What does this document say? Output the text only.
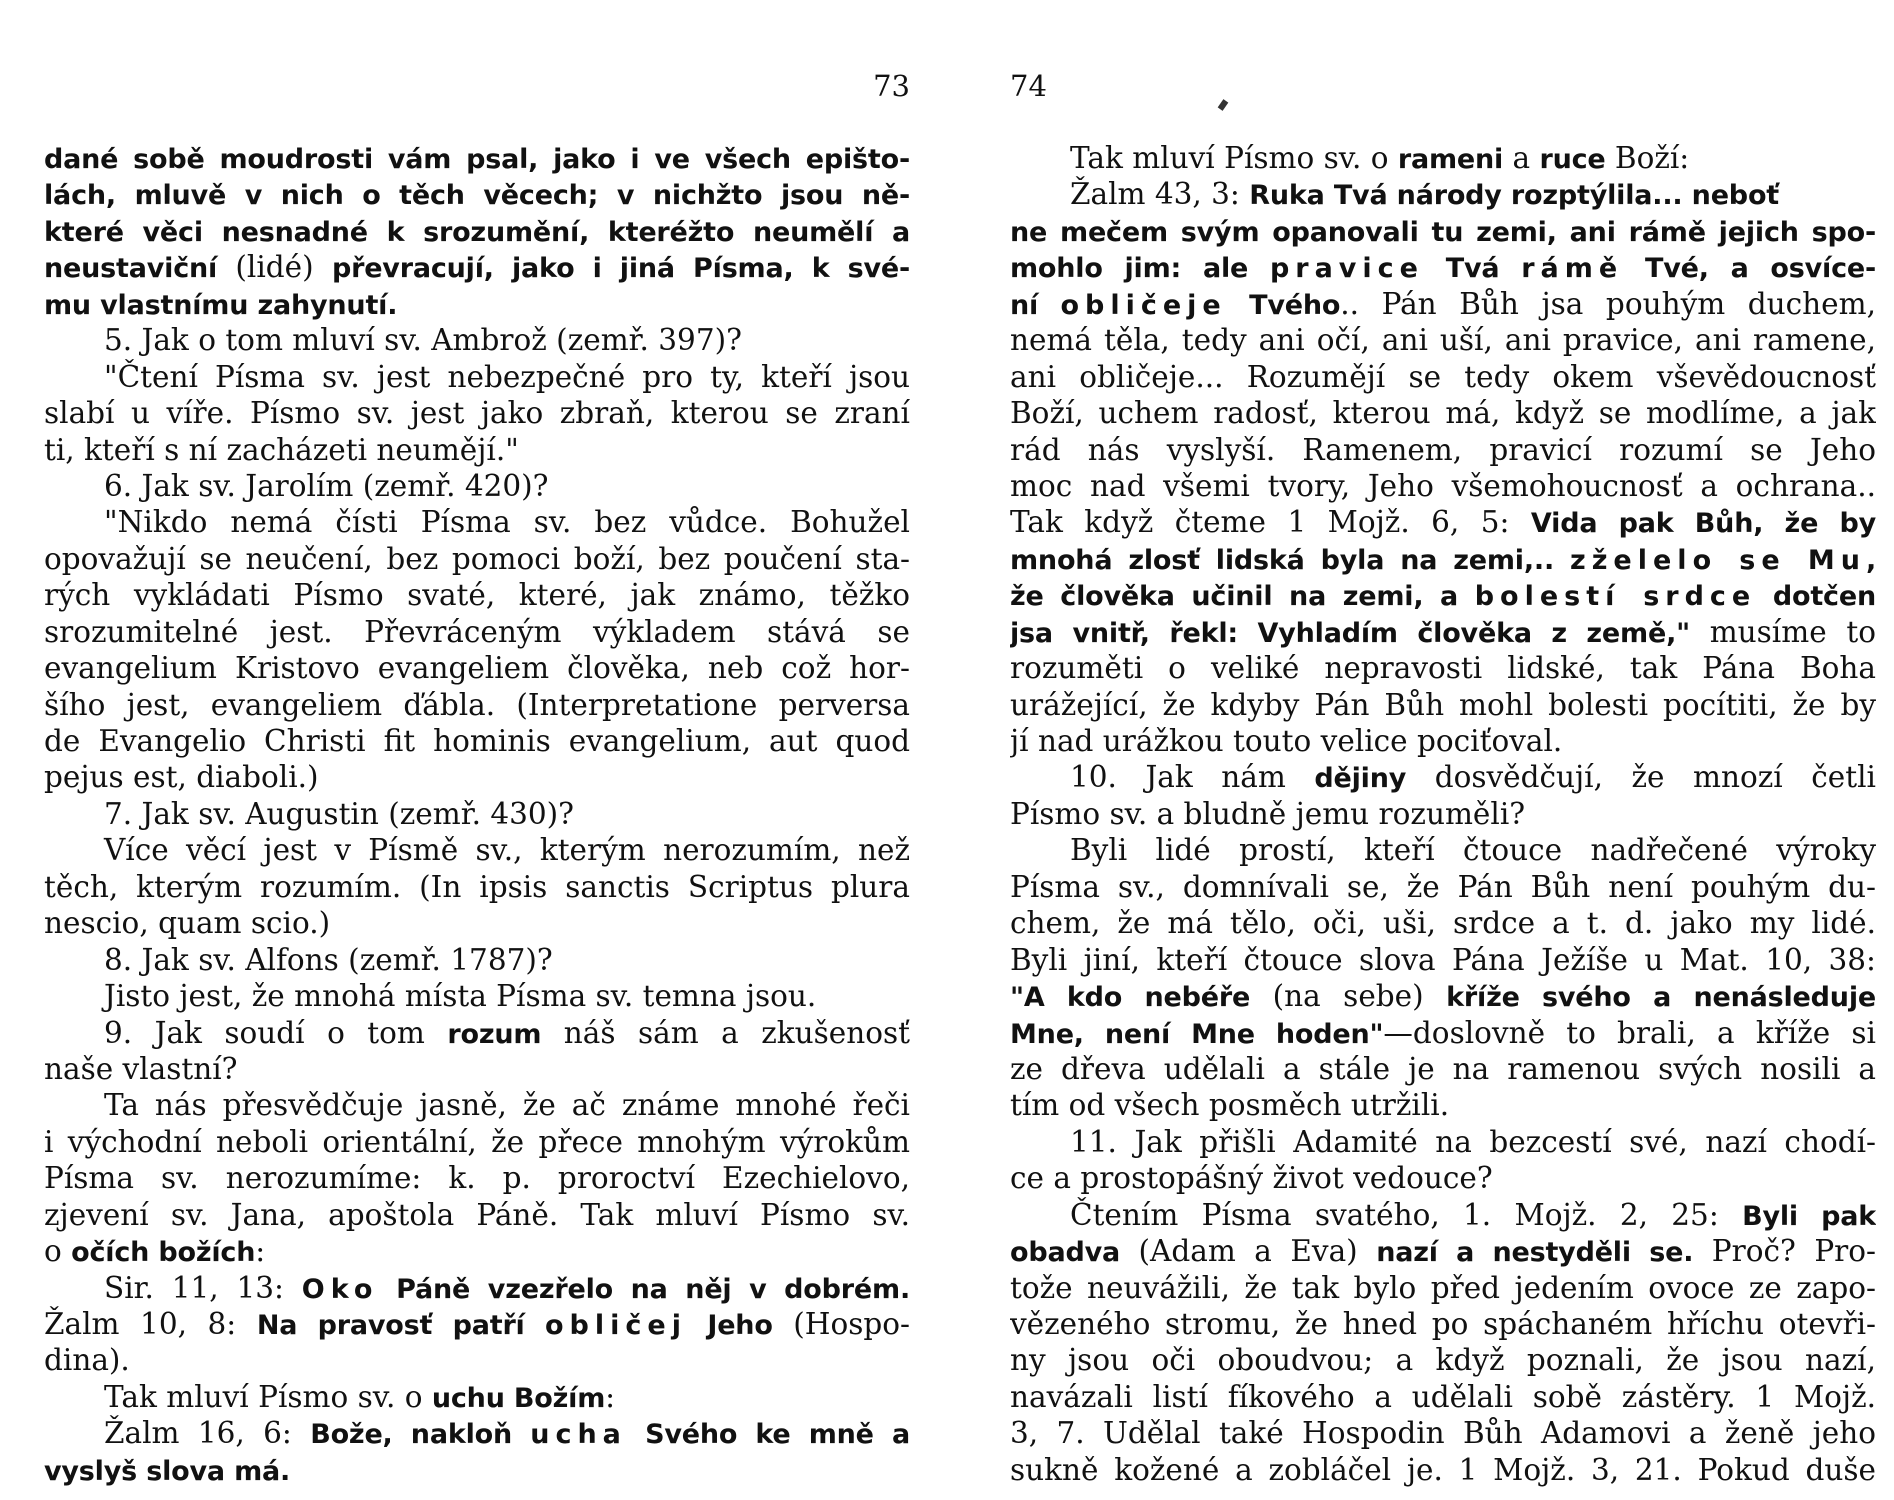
73
dané sobě moudrosti vám psal, jako i ve všech epišto-
lách, mluvě v nich o těch věcech; v nichžto jsou ně-
které věci nesnadné k srozumění, kteréžto neumělí a
neustaviční (lidé) převracují, jako i jiná Písma, k své-
mu vlastnímu zahynutí.
5. Jak o tom mluví sv. Ambrož (zemř. 397)?
"Čtení Písma sv. jest nebezpečné pro ty, kteří jsou
slabí u víře. Písmo sv. jest jako zbraň, kterou se zraní
ti, kteří s ní zacházeti neumějí."
6. Jak sv. Jarolím (zemř. 420)?
"Nikdo nemá čísti Písma sv. bez vůdce. Bohužel
opovažují se neučení, bez pomoci boží, bez poučení sta-
rých vykládati Písmo svaté, které, jak známo, těžko
srozumitelné jest. Převráceným výkladem stává se
evangelium Kristovo evangeliem člověka, neb což hor-
šího jest, evangeliem ďábla. (Interpretatione perversa
de Evangelio Christi fit hominis evangelium, aut quod
pejus est, diaboli.)
7. Jak sv. Augustin (zemř. 430)?
Více věcí jest v Písmě sv., kterým nerozumím, než
těch, kterým rozumím. (In ipsis sanctis Scriptus plura
nescio, quam scio.)
8. Jak sv. Alfons (zemř. 1787)?
Jisto jest, že mnohá místa Písma sv. temna jsou.
9. Jak soudí o tom rozum náš sám a zkušenosť
naše vlastní?
Ta nás přesvědčuje jasně, že ač známe mnohé řeči
i východní neboli orientální, že přece mnohým výrokům
Písma sv. nerozumíme: k. p. proroctví Ezechielovo,
zjevení sv. Jana, apoštola Páně. Tak mluví Písmo sv.
o očích božích:
Sir. 11, 13: Oko Páně vzezřelo na něj v dobrém.
Žalm 10, 8: Na pravosť patří obličej Jeho (Hospo-
dina).
Tak mluví Písmo sv. o uchu Božím:
Žalm 16, 6: Bože, nakloň ucha Svého ke mně a
vyslyš slova má.
74
Tak mluví Písmo sv. o rameni a ruce Boží:
Žalm 43, 3: Ruka Tvá národy rozptýlila... neboť
ne mečem svým opanovali tu zemi, ani rámě jejich spo-
mohlo jim: ale pravice Tvá rámě Tvé, a osvíce-
ní obličeje Tvého.. Pán Bůh jsa pouhým duchem,
nemá těla, tedy ani očí, ani uší, ani pravice, ani ramene,
ani obličeje... Rozumějí se tedy okem vševědoucnosť
Boží, uchem radosť, kterou má, když se modlíme, a jak
rád nás vyslyší. Ramenem, pravicí rozumí se Jeho
moc nad všemi tvory, Jeho všemohoucnosť a ochrana..
Tak když čteme 1 Mojž. 6, 5: Vida pak Bůh, že by
mnohá zlosť lidská byla na zemi,.. zželelo se Mu,
že člověka učinil na zemi, a bolestí srdce dotčen
jsa vnitř, řekl: Vyhladím člověka z země," musíme to
rozuměti o veliké nepravosti lidské, tak Pána Boha
urážející, že kdyby Pán Bůh mohl bolesti pocítiti, že by
jí nad urážkou touto velice pociťoval.
10. Jak nám dějiny dosvědčují, že mnozí četli
Písmo sv. a bludně jemu rozuměli?
Byli lidé prostí, kteří čtouce nadřečené výroky
Písma sv., domnívali se, že Pán Bůh není pouhým du-
chem, že má tělo, oči, uši, srdce a t. d. jako my lidé.
Byli jiní, kteří čtouce slova Pána Ježíše u Mat. 10, 38:
"A kdo nebéře (na sebe) kříže svého a nenásleduje
Mne, není Mne hoden"—doslovně to brali, a kříže si
ze dřeva udělali a stále je na ramenou svých nosili a
tím od všech posměch utržili.
11. Jak přišli Adamité na bezcestí své, nazí chodí-
ce a prostopášný život vedouce?
Čtením Písma svatého, 1. Mojž. 2, 25: Byli pak
obadva (Adam a Eva) nazí a nestyděli se. Proč? Pro-
tože neuvážili, že tak bylo před jedením ovoce ze zapo-
vězeného stromu, že hned po spáchaném hříchu otevři-
ny jsou oči oboudvou; a když poznali, že jsou nazí,
navázali listí fíkového a udělali sobě zástěry. 1 Mojž.
3, 7. Udělal také Hospodin Bůh Adamovi a ženě jeho
sukně kožené a zobláčel je. 1 Mojž. 3, 21. Pokud duše
